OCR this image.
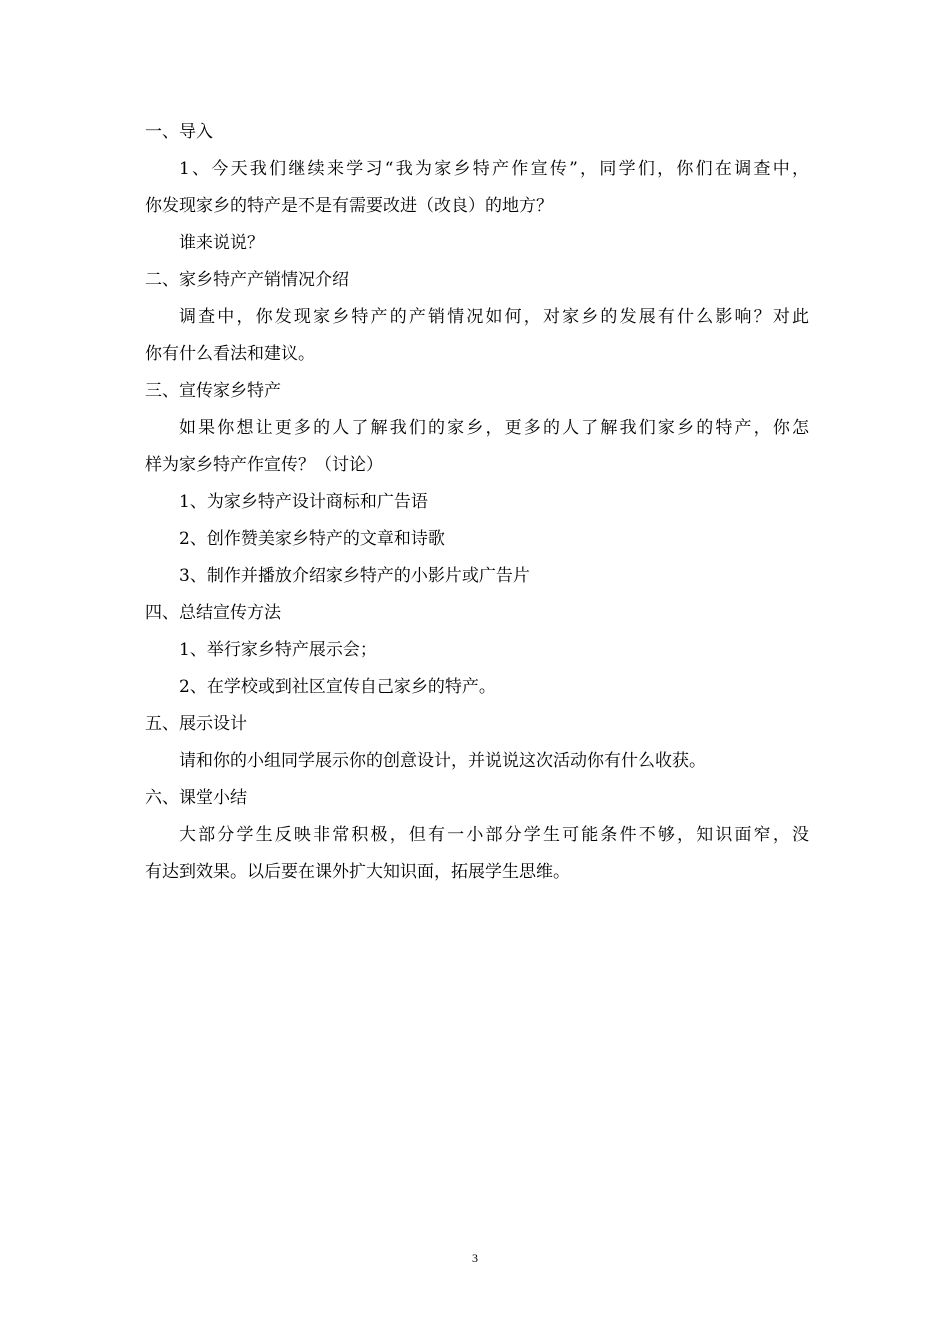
一、导入
1、今天我们继续来学习“我为家乡特产作宣传”，同学们，你们在调查中，
你发现家乡的特产是不是有需要改进（改良）的地方？
谁来说说？
二、家乡特产产销情况介绍
调查中，你发现家乡特产的产销情况如何，对家乡的发展有什么影响？对此
你有什么看法和建议。
三、宣传家乡特产
如果你想让更多的人了解我们的家乡，更多的人了解我们家乡的特产，你怎
样为家乡特产作宣传？（讨论）
1、为家乡特产设计商标和广告语
2、创作赞美家乡特产的文章和诗歌
3、制作并播放介绍家乡特产的小影片或广告片
四、总结宣传方法
1、举行家乡特产展示会；
2、在学校或到社区宣传自己家乡的特产。
五、展示设计
请和你的小组同学展示你的创意设计，并说说这次活动你有什么收获。
六、课堂小结
大部分学生反映非常积极，但有一小部分学生可能条件不够，知识面窄，没
有达到效果。以后要在课外扩大知识面，拓展学生思维。
3
